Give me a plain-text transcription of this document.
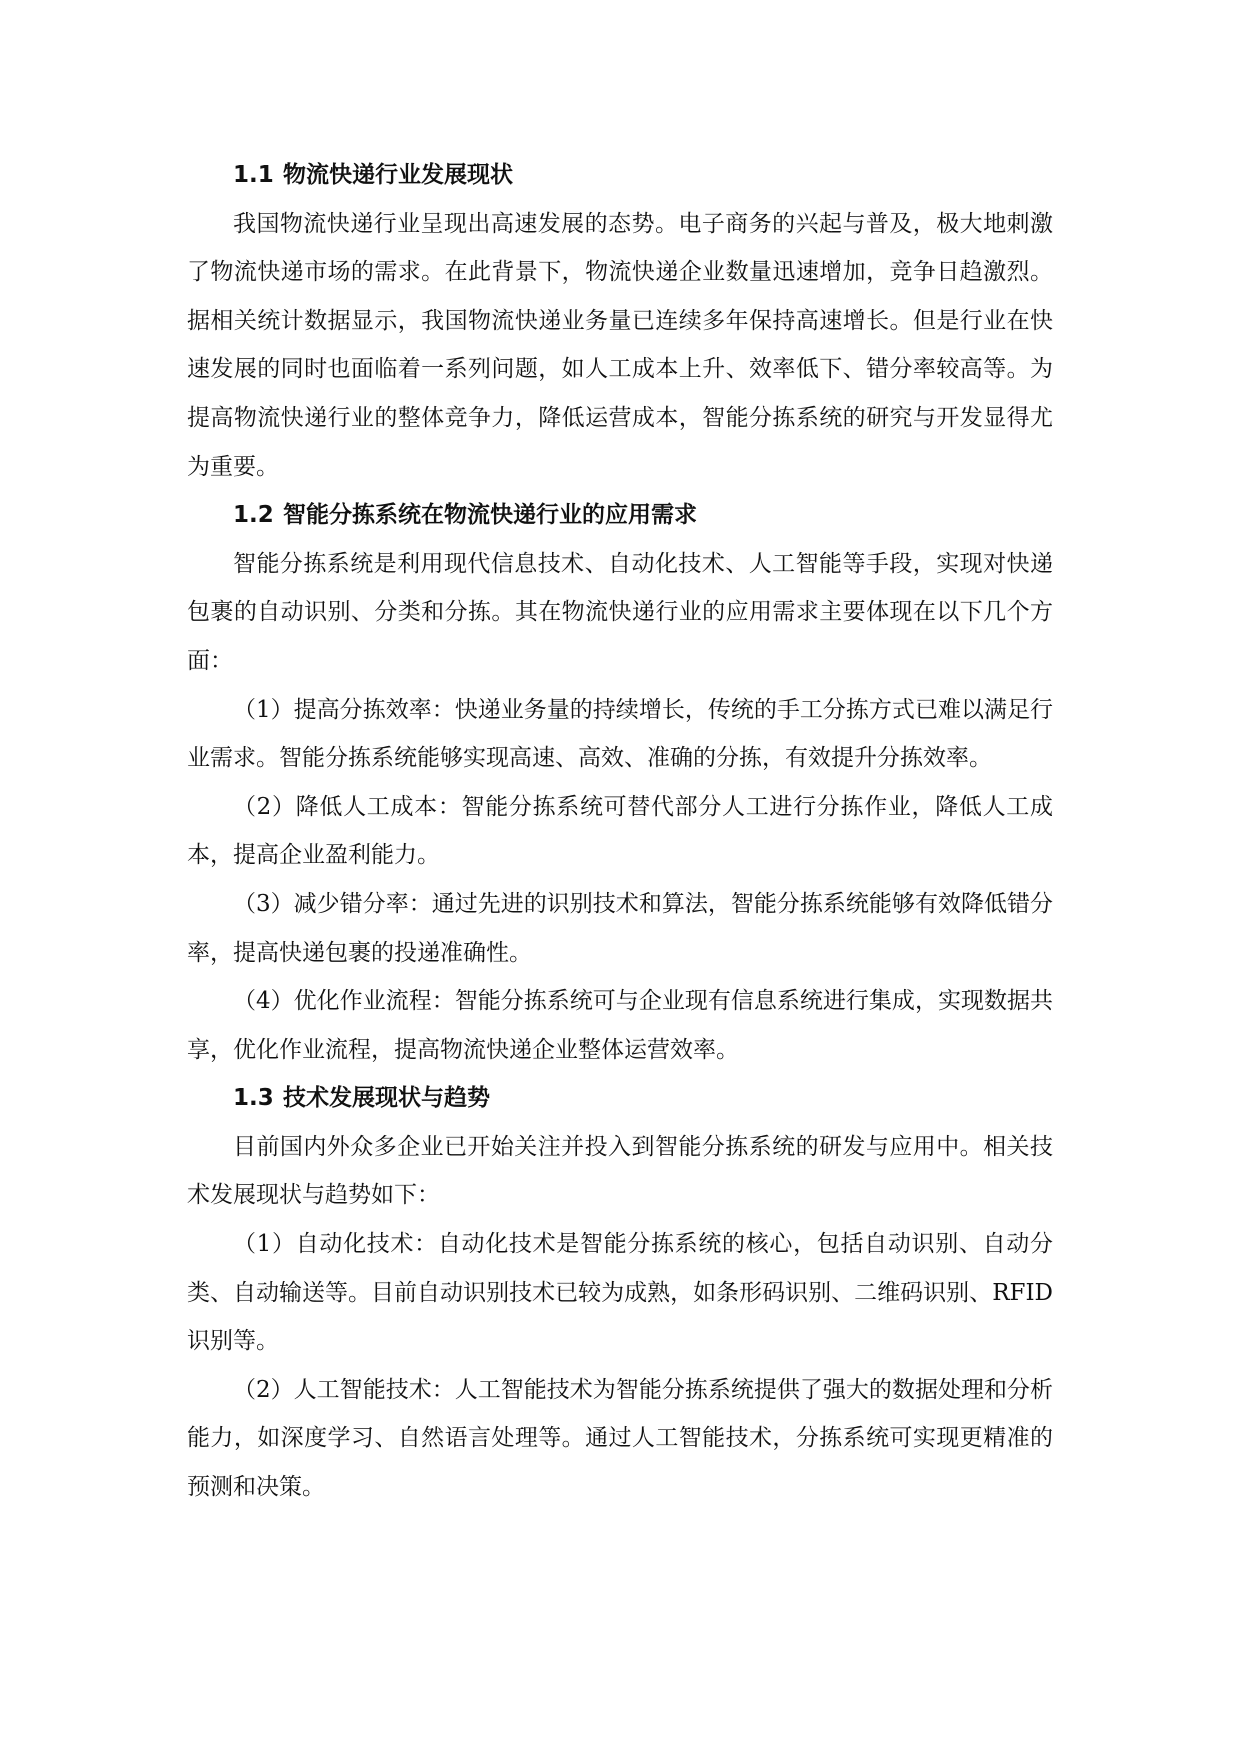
1.1 物流快递行业发展现状

我国物流快递行业呈现出高速发展的态势。电子商务的兴起与普及，极大地刺激了物流快递市场的需求。在此背景下，物流快递企业数量迅速增加，竞争日趋激烈。据相关统计数据显示，我国物流快递业务量已连续多年保持高速增长。但是行业在快速发展的同时也面临着一系列问题，如人工成本上升、效率低下、错分率较高等。为提高物流快递行业的整体竞争力，降低运营成本，智能分拣系统的研究与开发显得尤为重要。

1.2 智能分拣系统在物流快递行业的应用需求

智能分拣系统是利用现代信息技术、自动化技术、人工智能等手段，实现对快递包裹的自动识别、分类和分拣。其在物流快递行业的应用需求主要体现在以下几个方面：

（1）提高分拣效率：快递业务量的持续增长，传统的手工分拣方式已难以满足行业需求。智能分拣系统能够实现高速、高效、准确的分拣，有效提升分拣效率。

（2）降低人工成本：智能分拣系统可替代部分人工进行分拣作业，降低人工成本，提高企业盈利能力。

（3）减少错分率：通过先进的识别技术和算法，智能分拣系统能够有效降低错分率，提高快递包裹的投递准确性。

（4）优化作业流程：智能分拣系统可与企业现有信息系统进行集成，实现数据共享，优化作业流程，提高物流快递企业整体运营效率。

1.3 技术发展现状与趋势

目前国内外众多企业已开始关注并投入到智能分拣系统的研发与应用中。相关技术发展现状与趋势如下：

（1）自动化技术：自动化技术是智能分拣系统的核心，包括自动识别、自动分类、自动输送等。目前自动识别技术已较为成熟，如条形码识别、二维码识别、RFID 识别等。

（2）人工智能技术：人工智能技术为智能分拣系统提供了强大的数据处理和分析能力，如深度学习、自然语言处理等。通过人工智能技术，分拣系统可实现更精准的预测和决策。
